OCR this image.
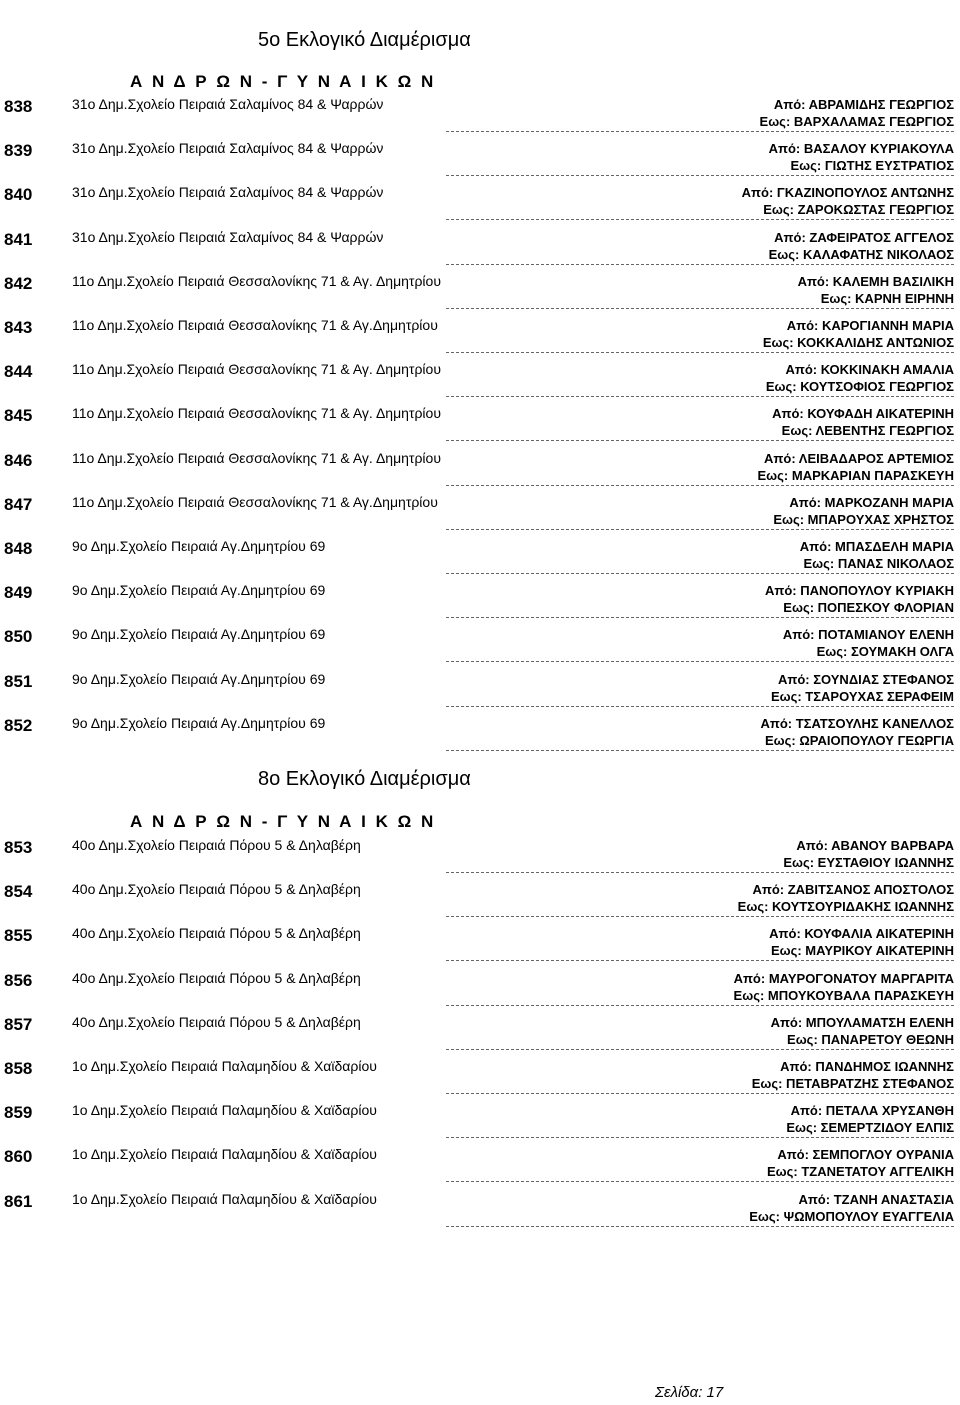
5ο Εκλογικό Διαμέρισμα
Α Ν Δ Ρ Ω Ν - Γ Υ Ν Α Ι Κ Ω Ν
838	31ο Δημ.Σχολείο Πειραιά Σαλαμίνος 84 & Ψαρρών	Από: ΑΒΡΑΜΙΔΗΣ ΓΕΩΡΓΙΟΣ
Εως: ΒΑΡΧΑΛΑΜΑΣ ΓΕΩΡΓΙΟΣ
839	31ο Δημ.Σχολείο Πειραιά Σαλαμίνος 84 & Ψαρρών	Από: ΒΑΣΑΛΟΥ ΚΥΡΙΑΚΟΥΛΑ
Εως: ΓΙΩΤΗΣ ΕΥΣΤΡΑΤΙΟΣ
840	31ο Δημ.Σχολείο Πειραιά Σαλαμίνος 84 & Ψαρρών	Από: ΓΚΑΖΙΝΟΠΟΥΛΟΣ ΑΝΤΩΝΗΣ
Εως: ΖΑΡΟΚΩΣΤΑΣ ΓΕΩΡΓΙΟΣ
841	31ο Δημ.Σχολείο Πειραιά Σαλαμίνος 84 & Ψαρρών	Από: ΖΑΦΕΙΡΑΤΟΣ ΑΓΓΕΛΟΣ
Εως: ΚΑΛΑΦΑΤΗΣ ΝΙΚΟΛΑΟΣ
842	11ο Δημ.Σχολείο Πειραιά Θεσσαλονίκης 71 & Αγ. Δημητρίου	Από: ΚΑΛΕΜΗ ΒΑΣΙΛΙΚΗ
Εως: ΚΑΡΝΗ ΕΙΡΗΝΗ
843	11ο Δημ.Σχολείο Πειραιά Θεσσαλονίκης 71 & Αγ.Δημητρίου	Από: ΚΑΡΟΓΙΑΝΝΗ ΜΑΡΙΑ
Εως: ΚΟΚΚΑΛΙΔΗΣ ΑΝΤΩΝΙΟΣ
844	11ο Δημ.Σχολείο Πειραιά Θεσσαλονίκης 71 & Αγ. Δημητρίου	Από: ΚΟΚΚΙΝΑΚΗ ΑΜΑΛΙΑ
Εως: ΚΟΥΤΣΟΦΙΟΣ ΓΕΩΡΓΙΟΣ
845	11ο Δημ.Σχολείο Πειραιά Θεσσαλονίκης 71 & Αγ. Δημητρίου	Από: ΚΟΥΦΑΔΗ ΑΙΚΑΤΕΡΙΝΗ
Εως: ΛΕΒΕΝΤΗΣ ΓΕΩΡΓΙΟΣ
846	11ο Δημ.Σχολείο Πειραιά Θεσσαλονίκης 71 & Αγ. Δημητρίου	Από: ΛΕΙΒΑΔΑΡΟΣ ΑΡΤΕΜΙΟΣ
Εως: ΜΑΡΚΑΡΙΑΝ ΠΑΡΑΣΚΕΥΗ
847	11ο Δημ.Σχολείο Πειραιά Θεσσαλονίκης 71 & Αγ.Δημητρίου	Από: ΜΑΡΚΟΖΑΝΗ ΜΑΡΙΑ
Εως: ΜΠΑΡΟΥΧΑΣ ΧΡΗΣΤΟΣ
848	9ο Δημ.Σχολείο Πειραιά Αγ.Δημητρίου 69	Από: ΜΠΑΣΔΕΛΗ ΜΑΡΙΑ
Εως: ΠΑΝΑΣ ΝΙΚΟΛΑΟΣ
849	9ο Δημ.Σχολείο Πειραιά Αγ.Δημητρίου 69	Από: ΠΑΝΟΠΟΥΛΟΥ ΚΥΡΙΑΚΗ
Εως: ΠΟΠΕΣΚΟΥ ΦΛΟΡΙΑΝ
850	9ο Δημ.Σχολείο Πειραιά Αγ.Δημητρίου 69	Από: ΠΟΤΑΜΙΑΝΟΥ ΕΛΕΝΗ
Εως: ΣΟΥΜΑΚΗ ΟΛΓΑ
851	9ο Δημ.Σχολείο Πειραιά Αγ.Δημητρίου 69	Από: ΣΟΥΝΔΙΑΣ ΣΤΕΦΑΝΟΣ
Εως: ΤΣΑΡΟΥΧΑΣ ΣΕΡΑΦΕΙΜ
852	9ο Δημ.Σχολείο Πειραιά Αγ.Δημητρίου 69	Από: ΤΣΑΤΣΟΥΛΗΣ ΚΑΝΕΛΛΟΣ
Εως: ΩΡΑΙΟΠΟΥΛΟΥ ΓΕΩΡΓΙΑ
8ο Εκλογικό Διαμέρισμα
Α Ν Δ Ρ Ω Ν - Γ Υ Ν Α Ι Κ Ω Ν
853	40ο Δημ.Σχολείο Πειραιά Πόρου 5 & Δηλαβέρη	Από: ΑΒΑΝΟΥ ΒΑΡΒΑΡΑ
Εως: ΕΥΣΤΑΘΙΟΥ ΙΩΑΝΝΗΣ
854	40ο Δημ.Σχολείο Πειραιά Πόρου 5 & Δηλαβέρη	Από: ΖΑΒΙΤΣΑΝΟΣ ΑΠΟΣΤΟΛΟΣ
Εως: ΚΟΥΤΣΟΥΡΙΔΑΚΗΣ ΙΩΑΝΝΗΣ
855	40ο Δημ.Σχολείο Πειραιά Πόρου 5 & Δηλαβέρη	Από: ΚΟΥΦΑΛΙΑ ΑΙΚΑΤΕΡΙΝΗ
Εως: ΜΑΥΡΙΚΟΥ ΑΙΚΑΤΕΡΙΝΗ
856	40ο Δημ.Σχολείο Πειραιά Πόρου 5 & Δηλαβέρη	Από: ΜΑΥΡΟΓΟΝΑΤΟΥ ΜΑΡΓΑΡΙΤΑ
Εως: ΜΠΟΥΚΟΥΒΑΛΑ ΠΑΡΑΣΚΕΥΗ
857	40ο Δημ.Σχολείο Πειραιά Πόρου 5 & Δηλαβέρη	Από: ΜΠΟΥΛΑΜΑΤΣΗ ΕΛΕΝΗ
Εως: ΠΑΝΑΡΕΤΟΥ ΘΕΩΝΗ
858	1ο Δημ.Σχολείο Πειραιά Παλαμηδίου & Χαϊδαρίου	Από: ΠΑΝΔΗΜΟΣ ΙΩΑΝΝΗΣ
Εως: ΠΕΤΑΒΡΑΤΖΗΣ ΣΤΕΦΑΝΟΣ
859	1ο Δημ.Σχολείο Πειραιά Παλαμηδίου & Χαϊδαρίου	Από: ΠΕΤΑΛΑ ΧΡΥΣΑΝΘΗ
Εως: ΣΕΜΕΡΤΖΙΔΟΥ ΕΛΠΙΣ
860	1ο Δημ.Σχολείο Πειραιά Παλαμηδίου & Χαϊδαρίου	Από: ΣΕΜΠΟΓΛΟΥ ΟΥΡΑΝΙΑ
Εως: ΤΖΑΝΕΤΑΤΟΥ ΑΓΓΕΛΙΚΗ
861	1ο Δημ.Σχολείο Πειραιά Παλαμηδίου & Χαϊδαρίου	Από: ΤΖΑΝΗ ΑΝΑΣΤΑΣΙΑ
Εως: ΨΩΜΟΠΟΥΛΟΥ ΕΥΑΓΓΕΛΙΑ
Σελίδα: 17
